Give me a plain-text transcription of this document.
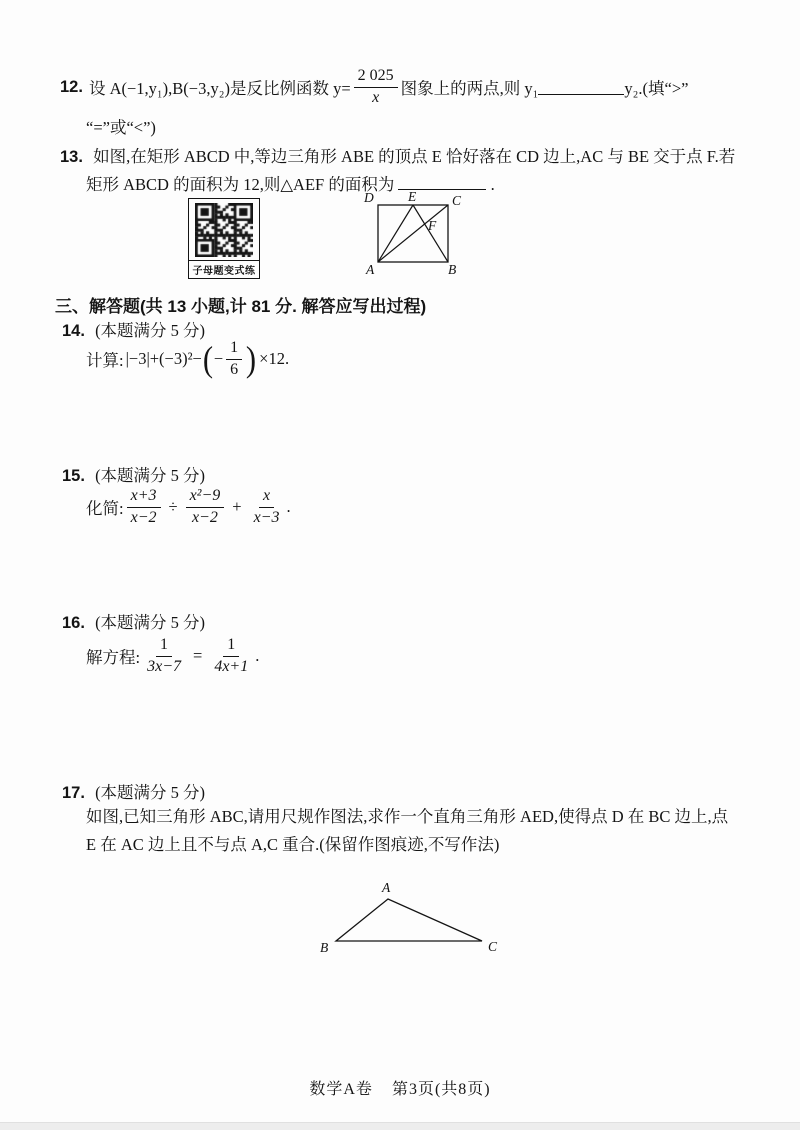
12. 设 A(−1,y₁),B(−3,y₂)是反比例函数 $y= \frac{2 025}{x}$ 图象上的两点,则 y₁	y₂.(填“>”
“=”或“<”)
13. 如图,在矩形 ABCD 中,等边三角形 ABE 的顶点 E 恰好落在 CD 边上,AC 与 BE 交于点 F.若
矩形 ABCD 的面积为 12,则△AEF 的面积为	.
子母题变式练
D	E	C
A	B
F
三、解答题(共 13 小题,计 81 分. 解答应写出过程)
14. (本题满分 5 分)
计算: |−3|+(−3)²− ( − $\frac{1}{6}$ ) ×12.
15. (本题满分 5 分)
化简: $\frac{x+3}{x-2} \div \frac{\text{x²−9}}{x-2} + \frac{x}{x-3}$ .
16. (本题满分 5 分)
解方程: $\frac{1}{3x-7} = \frac{1}{4x+1}$ .
17. (本题满分 5 分)
如图,已知三角形 ABC,请用尺规作图法,求作一个直角三角形 AED,使得点 D 在 BC 边上,点
E 在 AC 边上且不与点 A,C 重合.(保留作图痕迹,不写作法)
A
B	C
数学A卷 第3页(共8页)
